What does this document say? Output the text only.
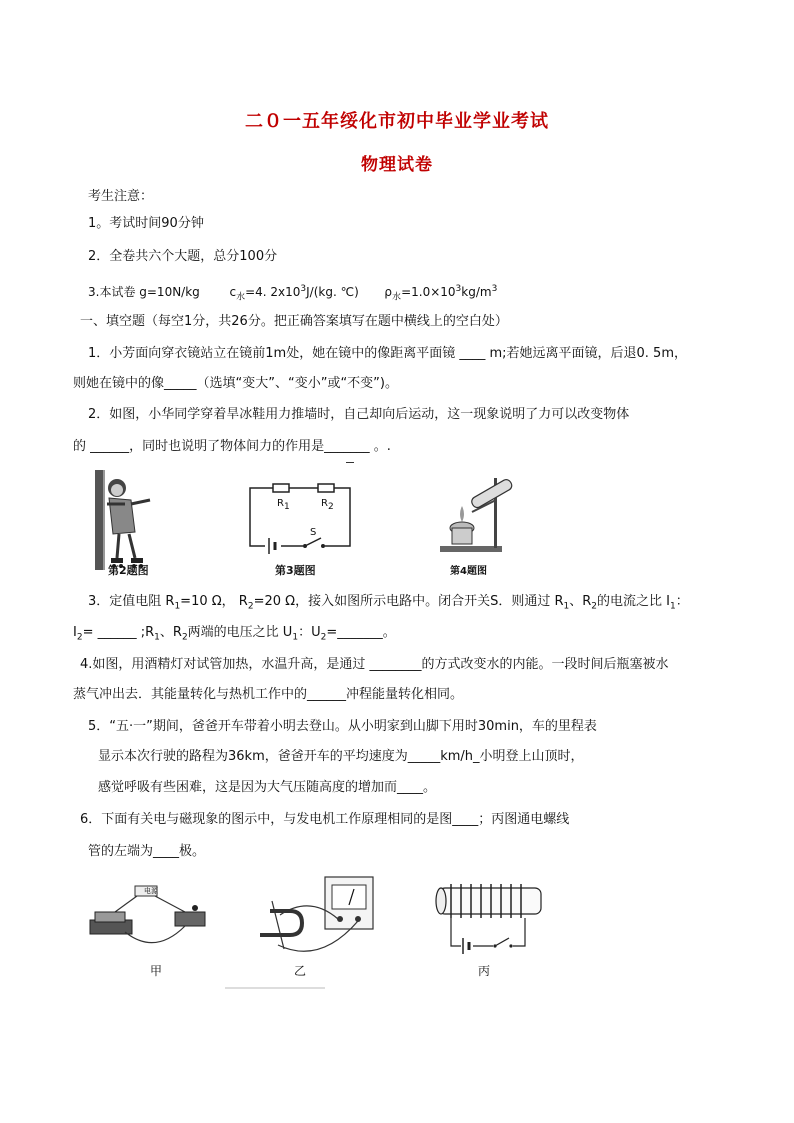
二０一五年绥化市初中毕业学业考试
物理试卷
考生注意：
1。考试时间90分钟
2．全卷共六个大题，总分100分
3.本试卷 g=10N/kg $c_水=4$. $2x10^3J/(kg$. ℃) $\rho_水=1.0\times 10^3kg/m^3$
一、填空题（每空1分，共26分。把正确答案填写在题中横线上的空白处）
1．小芳面向穿衣镜站立在镜前1m处，她在镜中的像距离平面镜 ____ m;若她远离平面镜，后退0. 5m，
则她在镜中的像_____（选填“变大”、“变小”或“不变”)。
2．如图，小华同学穿着旱冰鞋用力推墙时，自己却向后运动，这一现象说明了力可以改变物体
的 ______，同时也说明了物体间力的作用是_______ 。.
第2题图
$R_1$	$R_2$
S
第3题图	第4题图
3．定值电阻 $R_1=10$ Ω， $R_2=20$ Ω，接入如图所示电路中。闭合开关S．则通过 $R_1$、$R_2$的电流之比 $I_1$：
$I_2=$ ______ $;R_1$、$R_2$两端的电压之比 $U_1$：$U_2=\_\_\_\_\_\_\_$。
4.如图，用酒精灯对试管加热，水温升高，是通过 ________的方式改变水的内能。一段时间后瓶塞被水
蒸气冲出去．其能量转化与热机工作中的______冲程能量转化相同。
5．“五·一”期间，爸爸开车带着小明去登山。从小明家到山脚下用时30min，车的里程表
显示本次行驶的路程为36km，爸爸开车的平均速度为_____km/h_小明登上山顶时，
感觉呼吸有些困难，这是因为大气压随高度的增加而____。
6．下面有关电与磁现象的图示中，与发电机工作原理相同的是图____；丙图通电螺线
管的左端为____极。
电源
甲	乙	丙
